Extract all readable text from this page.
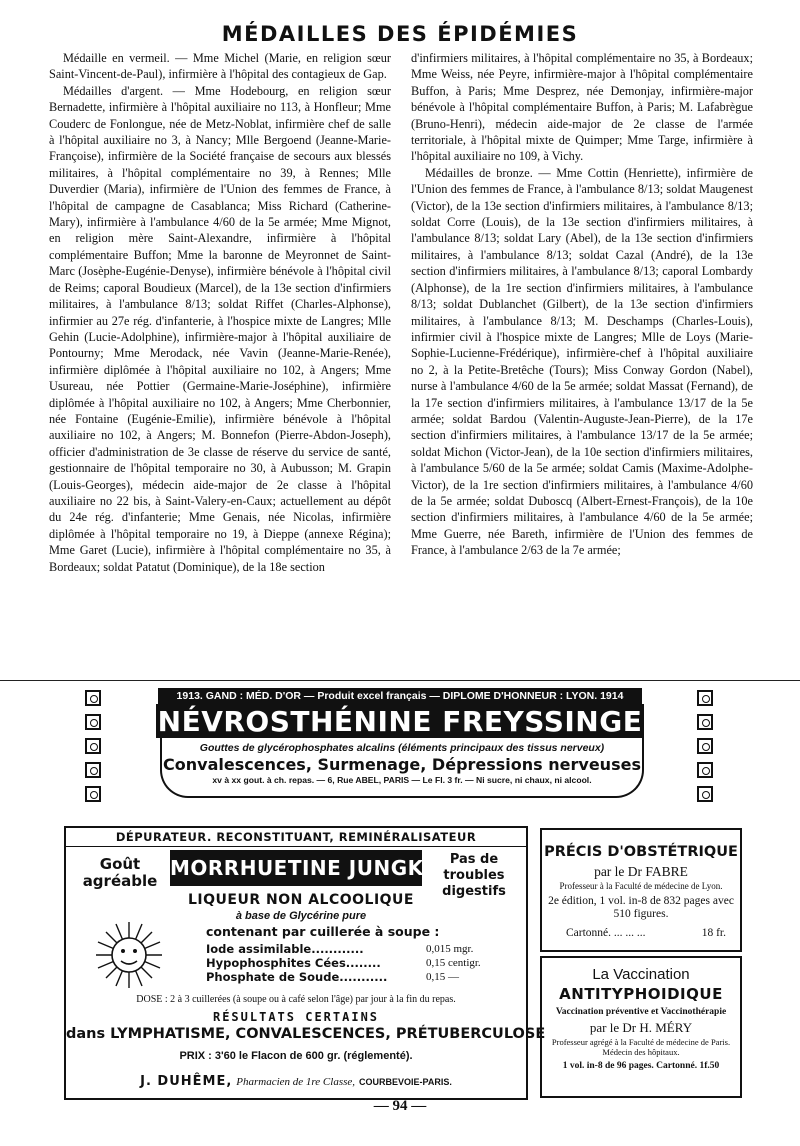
MÉDAILLES DES ÉPIDÉMIES

Médaille en vermeil. — Mme Michel (Marie, en religion sœur Saint-Vincent-de-Paul), infirmière à l'hôpital des contagieux de Gap.

Médailles d'argent. — Mme Hodebourg, en religion sœur Bernadette, infirmière à l'hôpital auxiliaire no 113, à Honfleur; Mme Couderc de Fonlongue, née de Metz-Noblat, infirmière chef de salle à l'hôpital auxiliaire no 3, à Nancy; Mlle Bergoend (Jeanne-Marie-Françoise), infirmière de la Société française de secours aux blessés militaires, à l'hôpital complémentaire no 39, à Rennes; Mlle Duverdier (Maria), infirmière de l'Union des femmes de France, à l'hôpital de campagne de Casablanca; Miss Richard (Catherine-Mary), infirmière à l'ambulance 4/60 de la 5e armée; Mme Mignot, en religion mère Saint-Alexandre, infirmière à l'hôpital complémentaire Buffon; Mme la baronne de Meyronnet de Saint-Marc (Josèphe-Eugénie-Denyse), infirmière bénévole à l'hôpital civil de Reims; caporal Boudieux (Marcel), de la 13e section d'infirmiers militaires, à l'ambulance 8/13; soldat Riffet (Charles-Alphonse), infirmier au 27e rég. d'infanterie, à l'hospice mixte de Langres; Mlle Gehin (Lucie-Adolphine), infirmière-major à l'hôpital auxiliaire de Pontourny; Mme Merodack, née Vavin (Jeanne-Marie-Renée), infirmière diplômée à l'hôpital auxiliaire no 102, à Angers; Mme Usureau, née Pottier (Germaine-Marie-Joséphine), infirmière diplômée à l'hôpital auxiliaire no 102, à Angers; Mme Cherbonnier, née Fontaine (Eugénie-Emilie), infirmière bénévole à l'hôpital auxiliaire no 102, à Angers; M. Bonnefon (Pierre-Abdon-Joseph), officier d'administration de 3e classe de réserve du service de santé, gestionnaire de l'hôpital temporaire no 30, à Aubusson; M. Grapin (Louis-Georges), médecin aide-major de 2e classe à l'hôpital auxiliaire no 22 bis, à Saint-Valery-en-Caux; actuellement au dépôt du 24e rég. d'infanterie; Mme Genais, née Nicolas, infirmière diplômée à l'hôpital temporaire no 19, à Dieppe (annexe Régina); Mme Garet (Lucie), infirmière à l'hôpital complémentaire no 35, à Bordeaux; soldat Patatut (Dominique), de la 18e section

d'infirmiers militaires, à l'hôpital complémentaire no 35, à Bordeaux; Mme Weiss, née Peyre, infirmière-major à l'hôpital complémentaire Buffon, à Paris; Mme Desprez, née Demonjay, infirmière-major bénévole à l'hôpital complémentaire Buffon, à Paris; M. Lafabrègue (Bruno-Henri), médecin aide-major de 2e classe de l'armée territoriale, à l'hôpital mixte de Quimper; Mme Targe, infirmière à l'hôpital auxiliaire no 109, à Vichy.

Médailles de bronze. — Mme Cottin (Henriette), infirmière de l'Union des femmes de France, à l'ambulance 8/13; soldat Maugenest (Victor), de la 13e section d'infirmiers militaires, à l'ambulance 8/13; soldat Corre (Louis), de la 13e section d'infirmiers militaires, à l'ambulance 8/13; soldat Lary (Abel), de la 13e section d'infirmiers militaires, à l'ambulance 8/13; soldat Cazal (André), de la 13e section d'infirmiers militaires, à l'ambulance 8/13; caporal Lombardy (Alphonse), de la 1re section d'infirmiers militaires, à l'ambulance 8/13; soldat Dublanchet (Gilbert), de la 13e section d'infirmiers militaires, à l'ambulance 8/13; M. Deschamps (Charles-Louis), infirmier civil à l'hospice mixte de Langres; Mlle de Loys (Marie-Sophie-Lucienne-Frédérique), infirmière-chef à l'hôpital auxiliaire no 2, à la Petite-Bretêche (Tours); Miss Conway Gordon (Nabel), nurse à l'ambulance 4/60 de la 5e armée; soldat Massat (Fernand), de la 17e section d'infirmiers militaires, à l'ambulance 13/17 de la 5e armée; soldat Bardou (Valentin-Auguste-Jean-Pierre), de la 17e section d'infirmiers militaires, à l'ambulance 13/17 de la 5e armée; soldat Michon (Victor-Jean), de la 10e section d'infirmiers militaires, à l'ambulance 5/60 de la 5e armée; soldat Camis (Maxime-Adolphe-Victor), de la 1re section d'infirmiers militaires, à l'ambulance 4/60 de la 5e armée; soldat Duboscq (Albert-Ernest-François), de la 10e section d'infirmiers militaires, à l'ambulance 4/60 de la 5e armée; Mme Guerre, née Bareth, infirmière de l'Union des femmes de France, à l'ambulance 2/63 de la 7e armée;

1913. GAND : MÉD. D'OR — Produit excel français — DIPLOME D'HONNEUR : LYON. 1914
NÉVROSTHÉNINE FREYSSINGE
Gouttes de glycérophosphates alcalins (éléments principaux des tissus nerveux)
Convalescences, Surmenage, Dépressions nerveuses
xv à xx gout. à ch. repas. — 6, Rue ABEL, PARIS — Le Fl. 3 fr. — Ni sucre, ni chaux, ni alcool.
DÉPURATEUR. RECONSTITUANT, REMINÉRALISATEUR
Goût agréable
MORRHUETINE JUNGKEN
Pas de troubles digestifs
LIQUEUR NON ALCOOLIQUE
à base de Glycérine pure
contenant par cuillerée à soupe :
Iode assimilable............	0,015 mgr.
Hypophosphites Cées........	0,15 centigr.
Phosphate de Soude...........	0,15 —
DOSE : 2 à 3 cuillerées (à soupe ou à café selon l'âge) par jour à la fin du repas.
RÉSULTATS CERTAINS
dans LYMPHATISME, CONVALESCENCES, PRÉTUBERCULOSE
PRIX : 3'60 le Flacon de 600 gr. (réglementé).
J. DUHÊME, Pharmacien de 1re Classe, COURBEVOIE-PARIS.
PRÉCIS D'OBSTÉTRIQUE
par le Dr FABRE
Professeur à la Faculté de médecine de Lyon.
2e édition, 1 vol. in-8 de 832 pages avec 510 figures.
Cartonné. ... ... ...	18 fr.
La Vaccination
ANTITYPHOIDIQUE
Vaccination préventive et Vaccinothérapie
par le Dr H. MÉRY
Professeur agrégé à la Faculté de médecine de Paris. Médecin des hôpitaux.
1 vol. in-8 de 96 pages. Cartonné. 1f.50
— 94 —
